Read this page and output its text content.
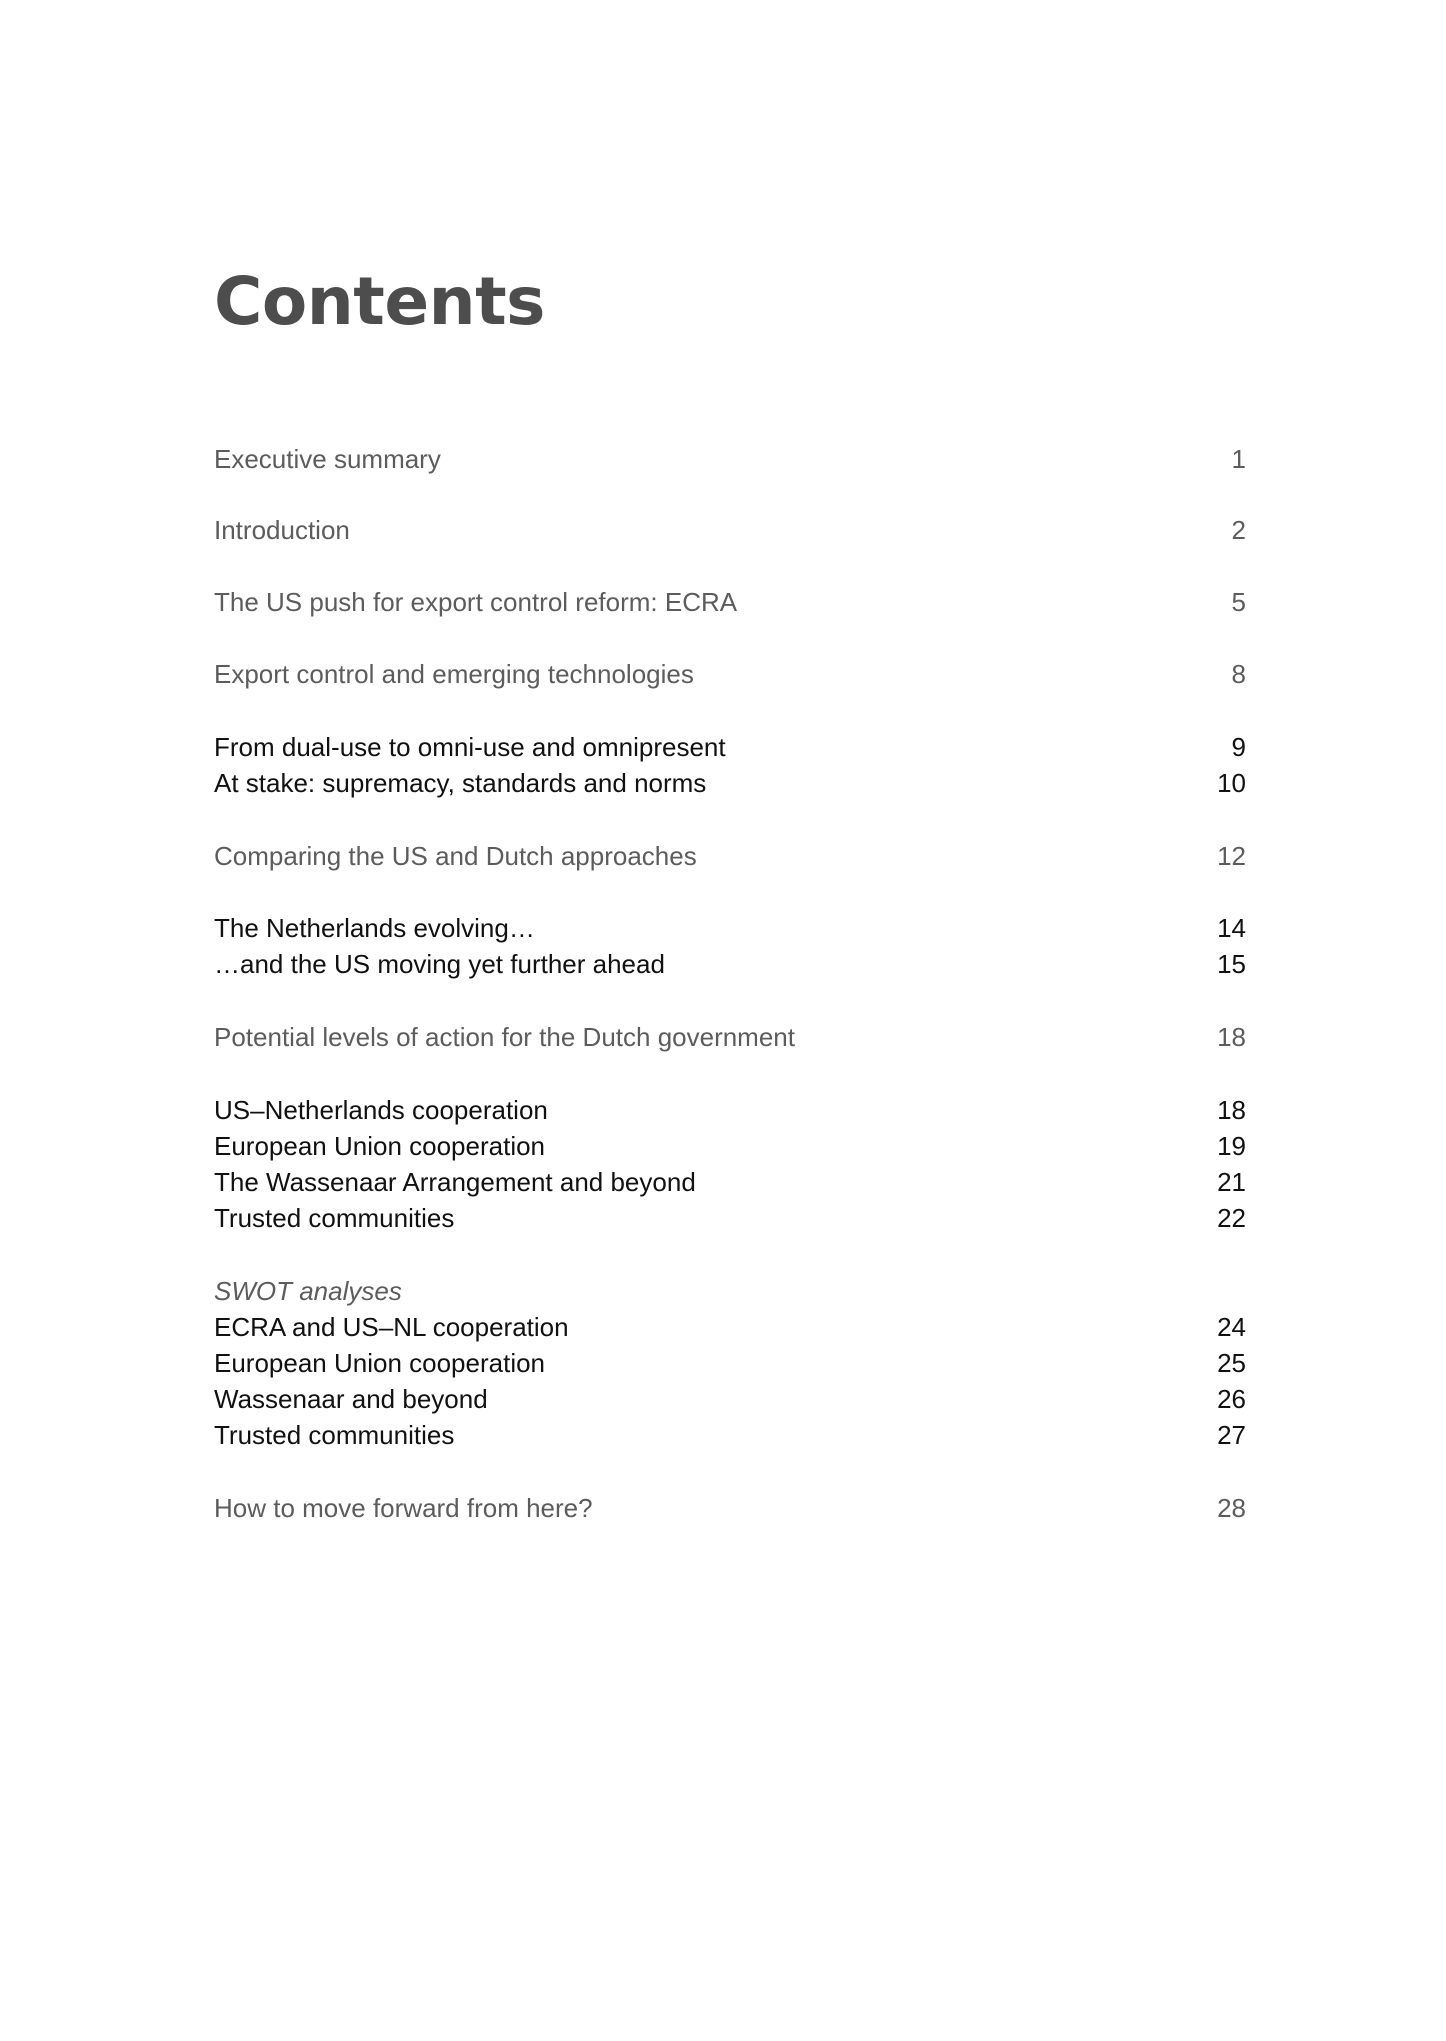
Contents
Executive summary	1
Introduction	2
The US push for export control reform: ECRA	5
Export control and emerging technologies	8
From dual-use to omni-use and omnipresent	9
At stake: supremacy, standards and norms	10
Comparing the US and Dutch approaches	12
The Netherlands evolving…	14
…and the US moving yet further ahead	15
Potential levels of action for the Dutch government	18
US–Netherlands cooperation	18
European Union cooperation	19
The Wassenaar Arrangement and beyond	21
Trusted communities	22
SWOT analyses
ECRA and US–NL cooperation	24
European Union cooperation	25
Wassenaar and beyond	26
Trusted communities	27
How to move forward from here?	28
